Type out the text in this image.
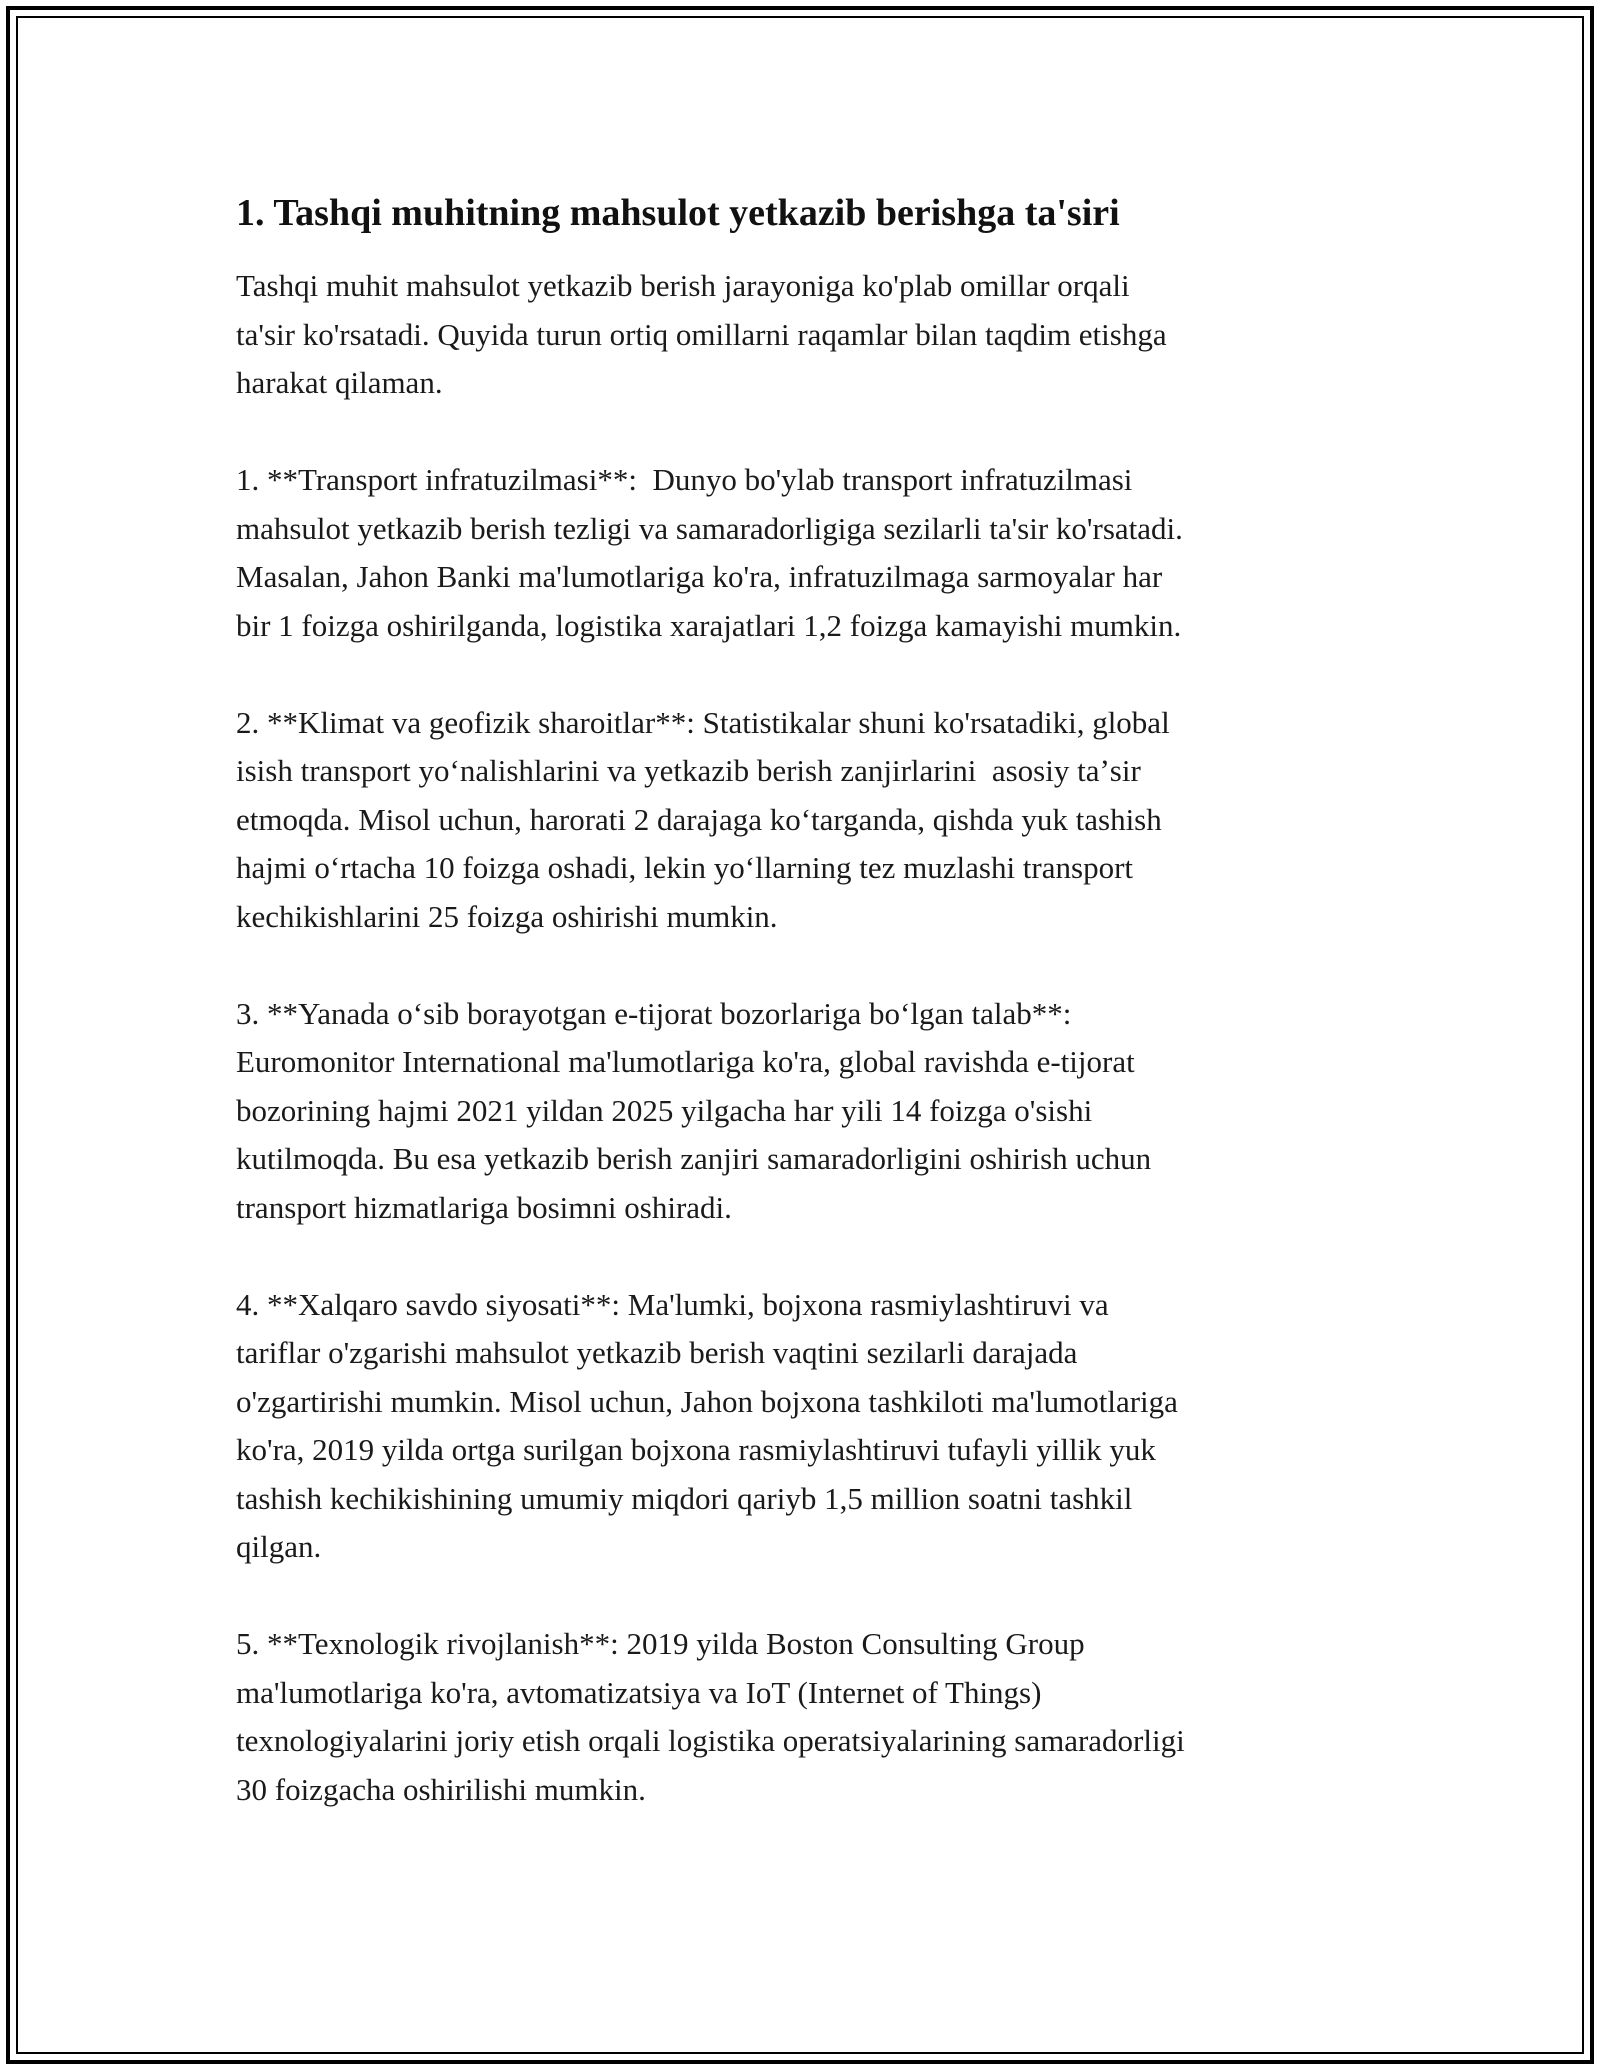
1. Tashqi muhitning mahsulot yetkazib berishga ta'siri

Tashqi muhit mahsulot yetkazib berish jarayoniga ko'plab omillar orqali
ta'sir ko'rsatadi. Quyida turun ortiq omillarni raqamlar bilan taqdim etishga
harakat qilaman.

1. **Transport infratuzilmasi**:  Dunyo bo'ylab transport infratuzilmasi
mahsulot yetkazib berish tezligi va samaradorligiga sezilarli ta'sir ko'rsatadi.
Masalan, Jahon Banki ma'lumotlariga ko'ra, infratuzilmaga sarmoyalar har
bir 1 foizga oshirilganda, logistika xarajatlari 1,2 foizga kamayishi mumkin.

2. **Klimat va geofizik sharoitlar**: Statistikalar shuni ko'rsatadiki, global
isish transport yoʻnalishlarini va yetkazib berish zanjirlarini  asosiy taʼsir
etmoqda. Misol uchun, harorati 2 darajaga koʻtarganda, qishda yuk tashish
hajmi oʻrtacha 10 foizga oshadi, lekin yoʻllarning tez muzlashi transport
kechikishlarini 25 foizga oshirishi mumkin.

3. **Yanada oʻsib borayotgan e-tijorat bozorlariga boʻlgan talab**:
Euromonitor International ma'lumotlariga ko'ra, global ravishda e-tijorat
bozorining hajmi 2021 yildan 2025 yilgacha har yili 14 foizga o'sishi
kutilmoqda. Bu esa yetkazib berish zanjiri samaradorligini oshirish uchun
transport hizmatlariga bosimni oshiradi.

4. **Xalqaro savdo siyosati**: Ma'lumki, bojxona rasmiylashtiruvi va
tariflar o'zgarishi mahsulot yetkazib berish vaqtini sezilarli darajada
o'zgartirishi mumkin. Misol uchun, Jahon bojxona tashkiloti ma'lumotlariga
ko'ra, 2019 yilda ortga surilgan bojxona rasmiylashtiruvi tufayli yillik yuk
tashish kechikishining umumiy miqdori qariyb 1,5 million soatni tashkil
qilgan.

5. **Texnologik rivojlanish**: 2019 yilda Boston Consulting Group
ma'lumotlariga ko'ra, avtomatizatsiya va IoT (Internet of Things)
texnologiyalarini joriy etish orqali logistika operatsiyalarining samaradorligi
30 foizgacha oshirilishi mumkin.
